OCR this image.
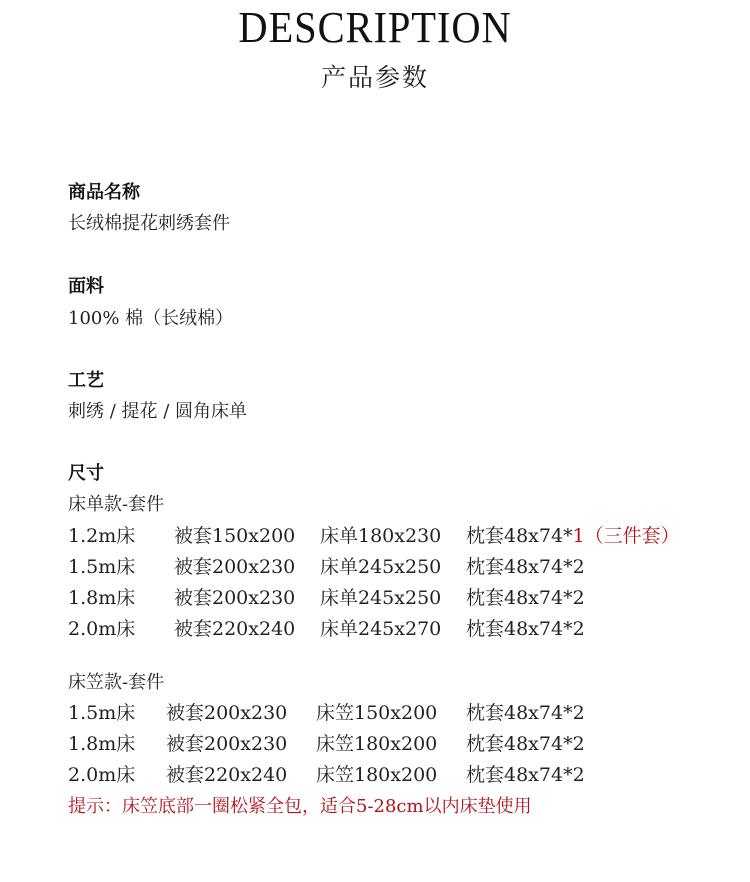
DESCRIPTION
产品参数
商品名称
长绒棉提花刺绣套件
面料
100% 棉（长绒棉）
工艺
刺绣 / 提花 / 圆角床单
尺寸
床单款-套件
1.2m床 被套150x200 床单180x230 枕套48x74*1（三件套）
1.5m床 被套200x230 床单245x250 枕套48x74*2
1.8m床 被套200x230 床单245x250 枕套48x74*2
2.0m床 被套220x240 床单245x270 枕套48x74*2
床笠款-套件
1.5m床 被套200x230 床笠150x200 枕套48x74*2
1.8m床 被套200x230 床笠180x200 枕套48x74*2
2.0m床 被套220x240 床笠180x200 枕套48x74*2
提示：床笠底部一圈松紧全包，适合5-28cm以内床垫使用
